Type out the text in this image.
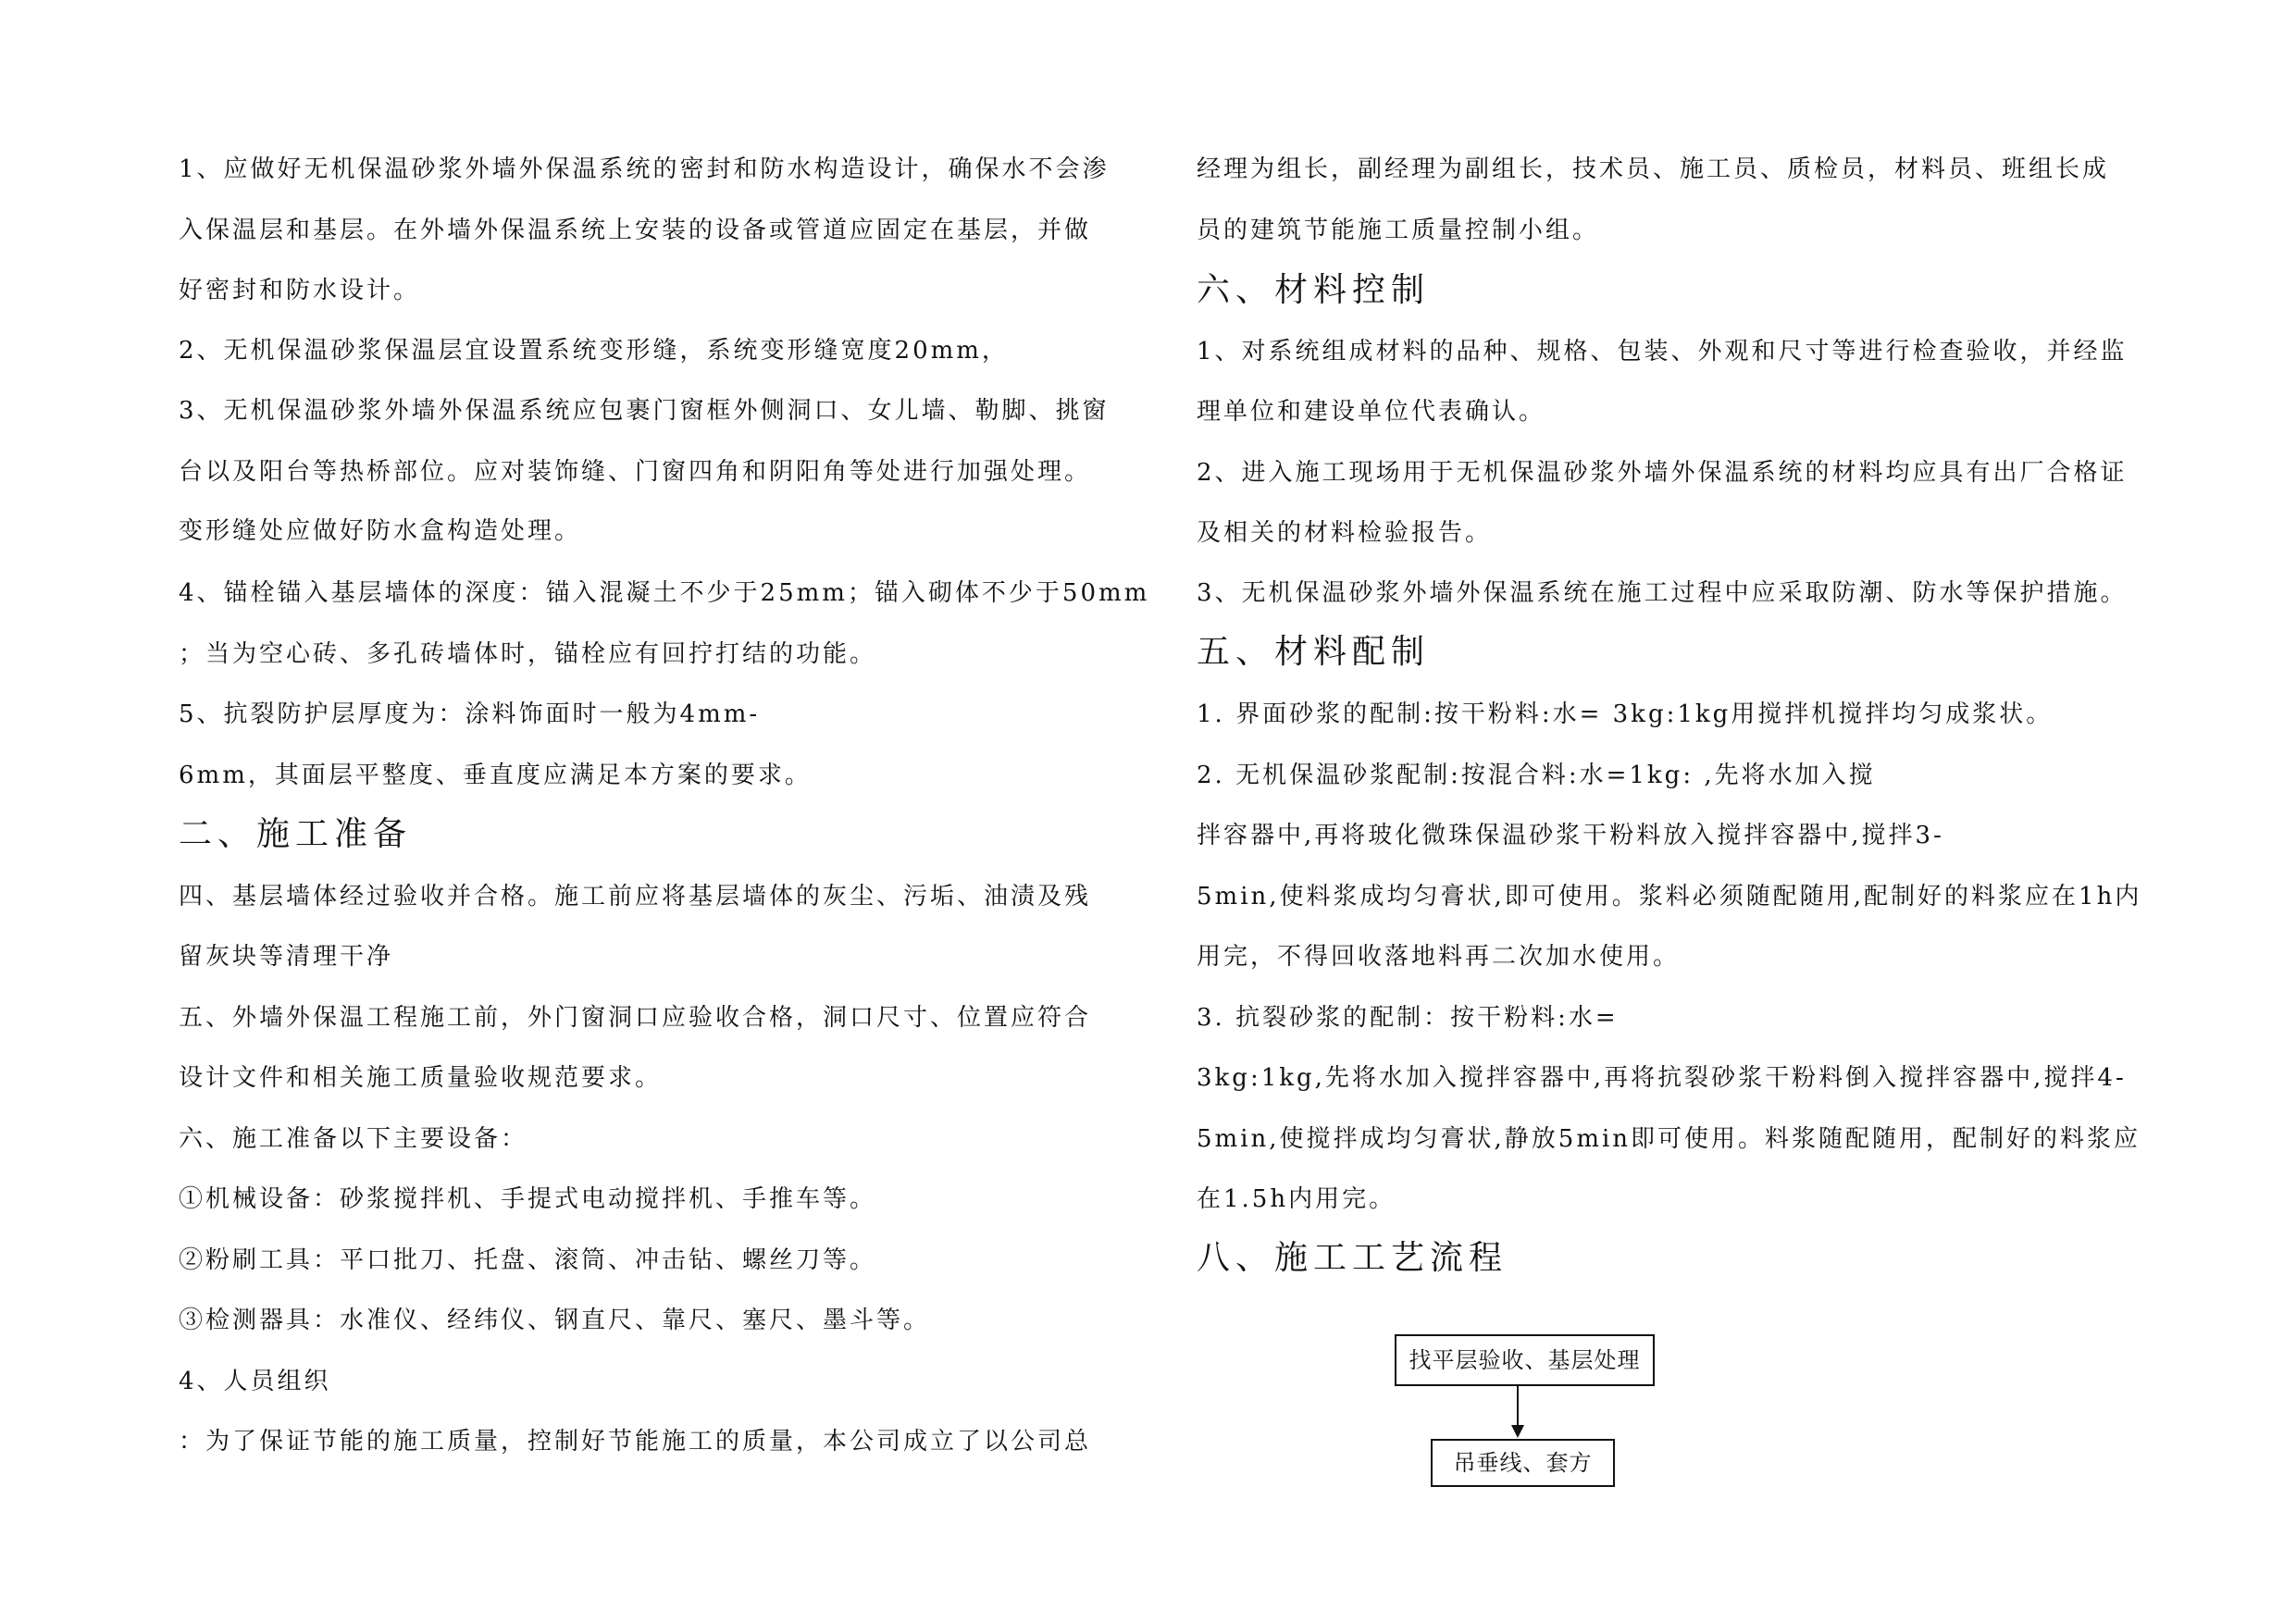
1、应做好无机保温砂浆外墙外保温系统的密封和防水构造设计，确保水不会渗
入保温层和基层。在外墙外保温系统上安装的设备或管道应固定在基层，并做
好密封和防水设计。
2、无机保温砂浆保温层宜设置系统变形缝，系统变形缝宽度20mm，
3、无机保温砂浆外墙外保温系统应包裹门窗框外侧洞口、女儿墙、勒脚、挑窗
台以及阳台等热桥部位。应对装饰缝、门窗四角和阴阳角等处进行加强处理。
变形缝处应做好防水盒构造处理。
4、锚栓锚入基层墙体的深度：锚入混凝土不少于25mm；锚入砌体不少于50mm
；当为空心砖、多孔砖墙体时，锚栓应有回拧打结的功能。
5、抗裂防护层厚度为：涂料饰面时一般为4mm-
6mm，其面层平整度、垂直度应满足本方案的要求。
二、施工准备
四、基层墙体经过验收并合格。施工前应将基层墙体的灰尘、污垢、油渍及残
留灰块等清理干净
五、外墙外保温工程施工前，外门窗洞口应验收合格，洞口尺寸、位置应符合
设计文件和相关施工质量验收规范要求。
六、施工准备以下主要设备：
①机械设备：砂浆搅拌机、手提式电动搅拌机、手推车等。
②粉刷工具：平口批刀、托盘、滚筒、冲击钻、螺丝刀等。
③检测器具：水准仪、经纬仪、钢直尺、靠尺、塞尺、墨斗等。
4、人员组织
：为了保证节能的施工质量，控制好节能施工的质量，本公司成立了以公司总
经理为组长，副经理为副组长，技术员、施工员、质检员，材料员、班组长成
员的建筑节能施工质量控制小组。
六、材料控制
1、对系统组成材料的品种、规格、包装、外观和尺寸等进行检查验收，并经监
理单位和建设单位代表确认。
2、进入施工现场用于无机保温砂浆外墙外保温系统的材料均应具有出厂合格证
及相关的材料检验报告。
3、无机保温砂浆外墙外保温系统在施工过程中应采取防潮、防水等保护措施。
五、材料配制
1. 界面砂浆的配制:按干粉料:水= 3kg:1kg用搅拌机搅拌均匀成浆状。
2. 无机保温砂浆配制:按混合料:水=1kg: ,先将水加入搅
拌容器中,再将玻化微珠保温砂浆干粉料放入搅拌容器中,搅拌3-
5min,使料浆成均匀膏状,即可使用。浆料必须随配随用,配制好的料浆应在1h内
用完，不得回收落地料再二次加水使用。
3. 抗裂砂浆的配制：按干粉料:水=
3kg:1kg,先将水加入搅拌容器中,再将抗裂砂浆干粉料倒入搅拌容器中,搅拌4-
5min,使搅拌成均匀膏状,静放5min即可使用。料浆随配随用，配制好的料浆应
在1.5h内用完。
八、施工工艺流程
找平层验收、基层处理
吊垂线、套方
